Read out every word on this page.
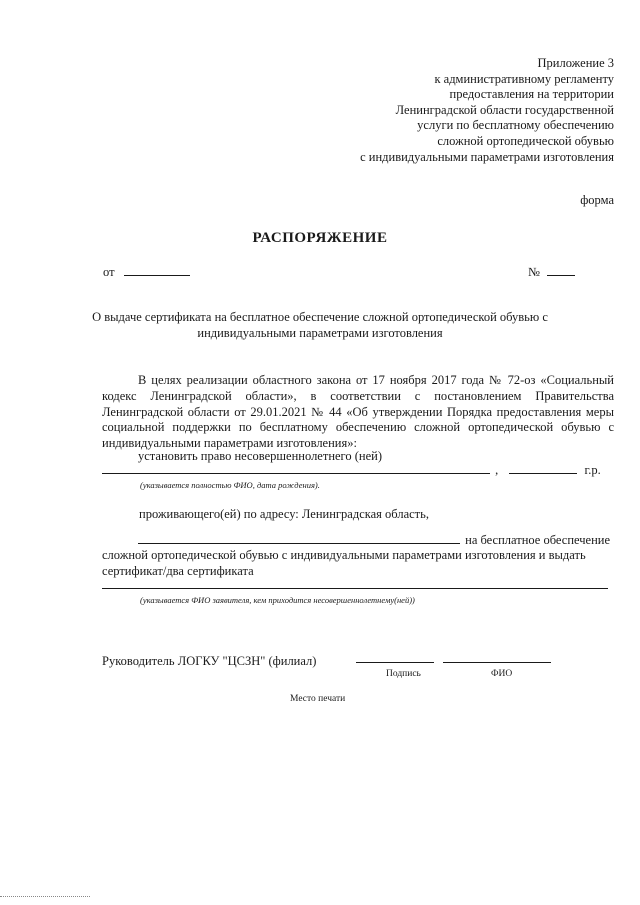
Приложение 3
к административному регламенту
предоставления на территории
Ленинградской области государственной
услуги по бесплатному обеспечению
сложной ортопедической обувью
с индивидуальными параметрами изготовления
форма
РАСПОРЯЖЕНИЕ
от	№
О выдаче сертификата на бесплатное обеспечение сложной ортопедической обувью с
индивидуальными параметрами изготовления
В целях реализации областного закона от 17 ноября 2017 года № 72-оз «Социальный кодекс Ленинградской области», в соответствии с постановлением Правительства Ленинградской области от 29.01.2021 № 44 «Об утверждении Порядка предоставления меры социальной поддержки по бесплатному обеспечению сложной ортопедической обувью с индивидуальными параметрами изготовления»:
установить право несовершеннолетнего (ней)
,	г.р.
(указывается полностью ФИО, дата рождения).
проживающего(ей) по адресу: Ленинградская область,
на бесплатное обеспечение
сложной ортопедической обувью с индивидуальными параметрами изготовления и выдать
сертификат/два сертификата
(указывается ФИО заявителя, кем приходится несовершеннолетнему(ней))
Руководитель ЛОГКУ "ЦСЗН" (филиал)

Подпись	ФИО
Место печати
